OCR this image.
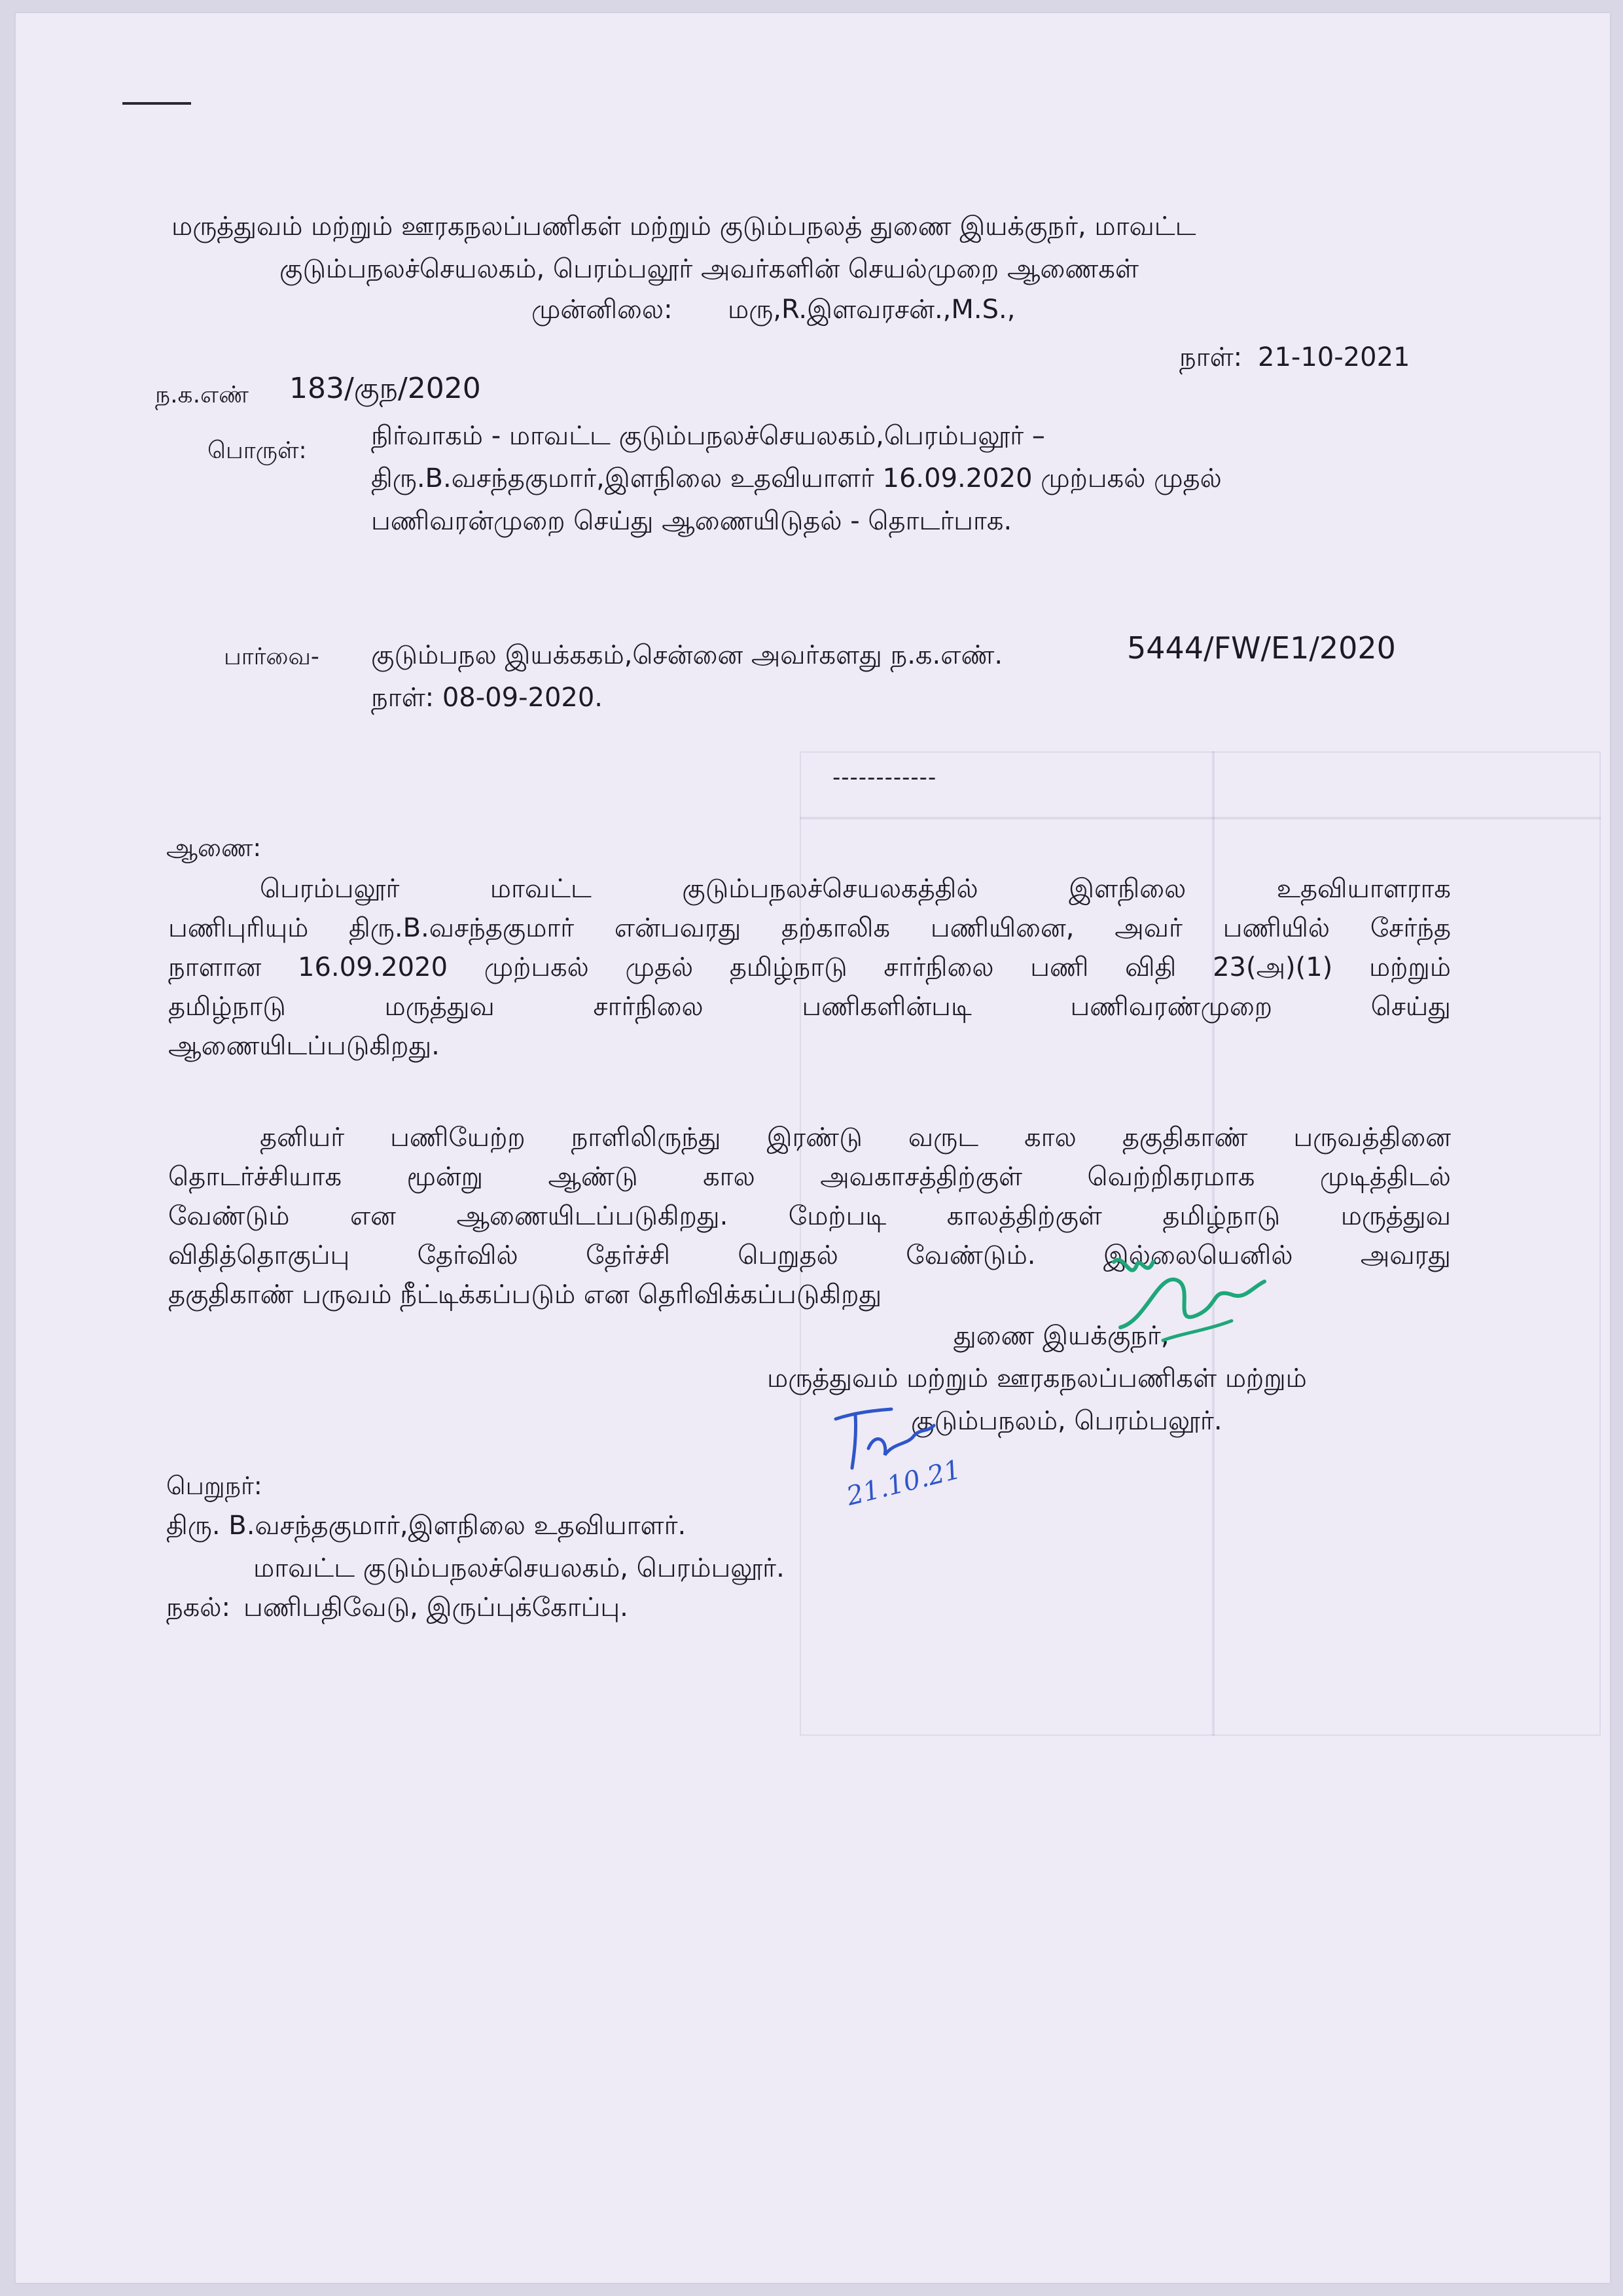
மருத்துவம் மற்றும் ஊரகநலப்பணிகள் மற்றும் குடும்பநலத் துணை இயக்குநர், மாவட்ட
குடும்பநலச்செயலகம், பெரம்பலூர் அவர்களின் செயல்முறை ஆணைகள்
முன்னிலை: மரு,R.இளவரசன்.,M.S.,
நாள்: 21-10-2021
ந.க.எண் 183/குந/2020
பொருள்: நிர்வாகம் - மாவட்ட குடும்பநலச்செயலகம்,பெரம்பலூர் –
திரு.B.வசந்தகுமார்,இளநிலை உதவியாளர் 16.09.2020 முற்பகல் முதல்
பணிவரன்முறை செய்து ஆணையிடுதல் - தொடர்பாக.
பார்வை- குடும்பநல இயக்ககம்,சென்னை அவர்களது ந.க.எண்.	5444/FW/E1/2020
நாள்: 08-09-2020.
------------
ஆணை:
பெரம்பலூர் மாவட்ட குடும்பநலச்செயலகத்தில் இளநிலை உதவியாளராக
பணிபுரியும் திரு.B.வசந்தகுமார் என்பவரது தற்காலிக பணியினை, அவர் பணியில் சேர்ந்த
நாளான 16.09.2020 முற்பகல் முதல் தமிழ்நாடு சார்நிலை பணி விதி 23(அ)(1) மற்றும்
தமிழ்நாடு மருத்துவ சார்நிலை பணிகளின்படி பணிவரண்முறை செய்து
ஆணையிடப்படுகிறது.
தனியர் பணியேற்ற நாளிலிருந்து இரண்டு வருட கால தகுதிகாண் பருவத்தினை
தொடர்ச்சியாக மூன்று ஆண்டு கால அவகாசத்திற்குள் வெற்றிகரமாக முடித்திடல்
வேண்டும் என ஆணையிடப்படுகிறது. மேற்படி காலத்திற்குள் தமிழ்நாடு மருத்துவ
விதித்தொகுப்பு தேர்வில் தேர்ச்சி பெறுதல் வேண்டும். இல்லையெனில் அவரது
தகுதிகாண் பருவம் நீட்டிக்கப்படும் என தெரிவிக்கப்படுகிறது
துணை இயக்குநர்,
மருத்துவம் மற்றும் ஊரகநலப்பணிகள் மற்றும்
குடும்பநலம், பெரம்பலூர்.
21.10.21
பெறுநர்:
திரு. B.வசந்தகுமார்,இளநிலை உதவியாளர்.
மாவட்ட குடும்பநலச்செயலகம், பெரம்பலூர்.
நகல்: பணிபதிவேடு, இருப்புக்கோப்பு.
